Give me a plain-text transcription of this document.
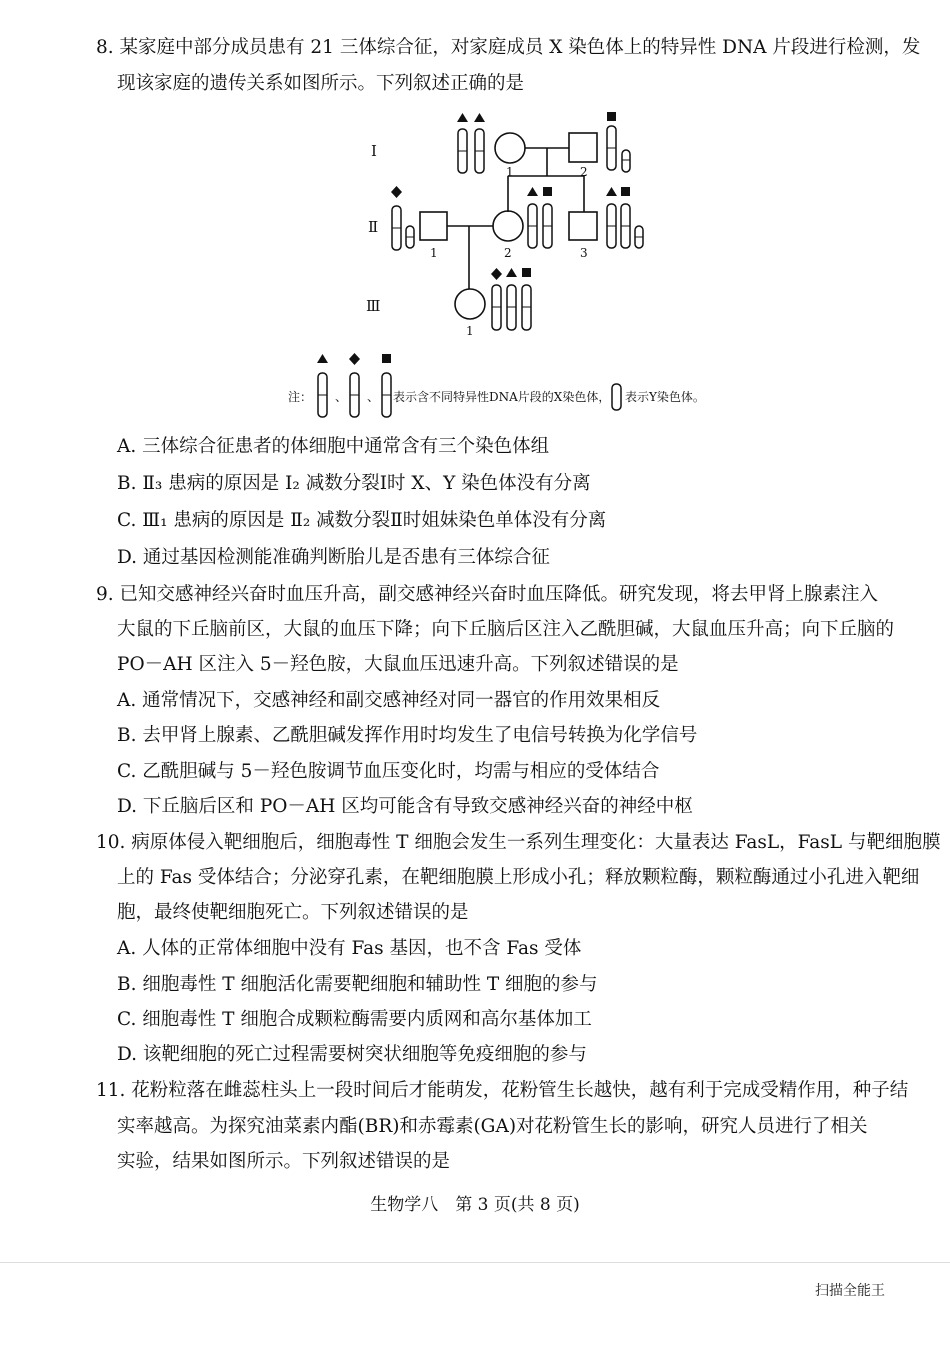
8. 某家庭中部分成员患有 21 三体综合征，对家庭成员 X 染色体上的特异性 DNA 片段进行检测，发
现该家庭的遗传关系如图所示。下列叙述正确的是
Ⅰ
Ⅱ
Ⅲ
1	2
1	2	3
1
注： 、 、 表示含不同特异性DNA片段的X染色体， 表示Y染色体。
A. 三体综合征患者的体细胞中通常含有三个染色体组
B. Ⅱ₃ 患病的原因是 Ⅰ₂ 减数分裂Ⅰ时 X、Y 染色体没有分离
C. Ⅲ₁ 患病的原因是 Ⅱ₂ 减数分裂Ⅱ时姐妹染色单体没有分离
D. 通过基因检测能准确判断胎儿是否患有三体综合征
9. 已知交感神经兴奋时血压升高，副交感神经兴奋时血压降低。研究发现，将去甲肾上腺素注入
大鼠的下丘脑前区，大鼠的血压下降；向下丘脑后区注入乙酰胆碱，大鼠血压升高；向下丘脑的
PO－AH 区注入 5－羟色胺，大鼠血压迅速升高。下列叙述错误的是
A. 通常情况下，交感神经和副交感神经对同一器官的作用效果相反
B. 去甲肾上腺素、乙酰胆碱发挥作用时均发生了电信号转换为化学信号
C. 乙酰胆碱与 5－羟色胺调节血压变化时，均需与相应的受体结合
D. 下丘脑后区和 PO－AH 区均可能含有导致交感神经兴奋的神经中枢
10. 病原体侵入靶细胞后，细胞毒性 T 细胞会发生一系列生理变化：大量表达 FasL，FasL 与靶细胞膜
上的 Fas 受体结合；分泌穿孔素，在靶细胞膜上形成小孔；释放颗粒酶，颗粒酶通过小孔进入靶细
胞，最终使靶细胞死亡。下列叙述错误的是
A. 人体的正常体细胞中没有 Fas 基因，也不含 Fas 受体
B. 细胞毒性 T 细胞活化需要靶细胞和辅助性 T 细胞的参与
C. 细胞毒性 T 细胞合成颗粒酶需要内质网和高尔基体加工
D. 该靶细胞的死亡过程需要树突状细胞等免疫细胞的参与
11. 花粉粒落在雌蕊柱头上一段时间后才能萌发，花粉管生长越快，越有利于完成受精作用，种子结
实率越高。为探究油菜素内酯(BR)和赤霉素(GA)对花粉管生长的影响，研究人员进行了相关
实验，结果如图所示。下列叙述错误的是
生物学八　第 3 页(共 8 页)
扫描全能王
